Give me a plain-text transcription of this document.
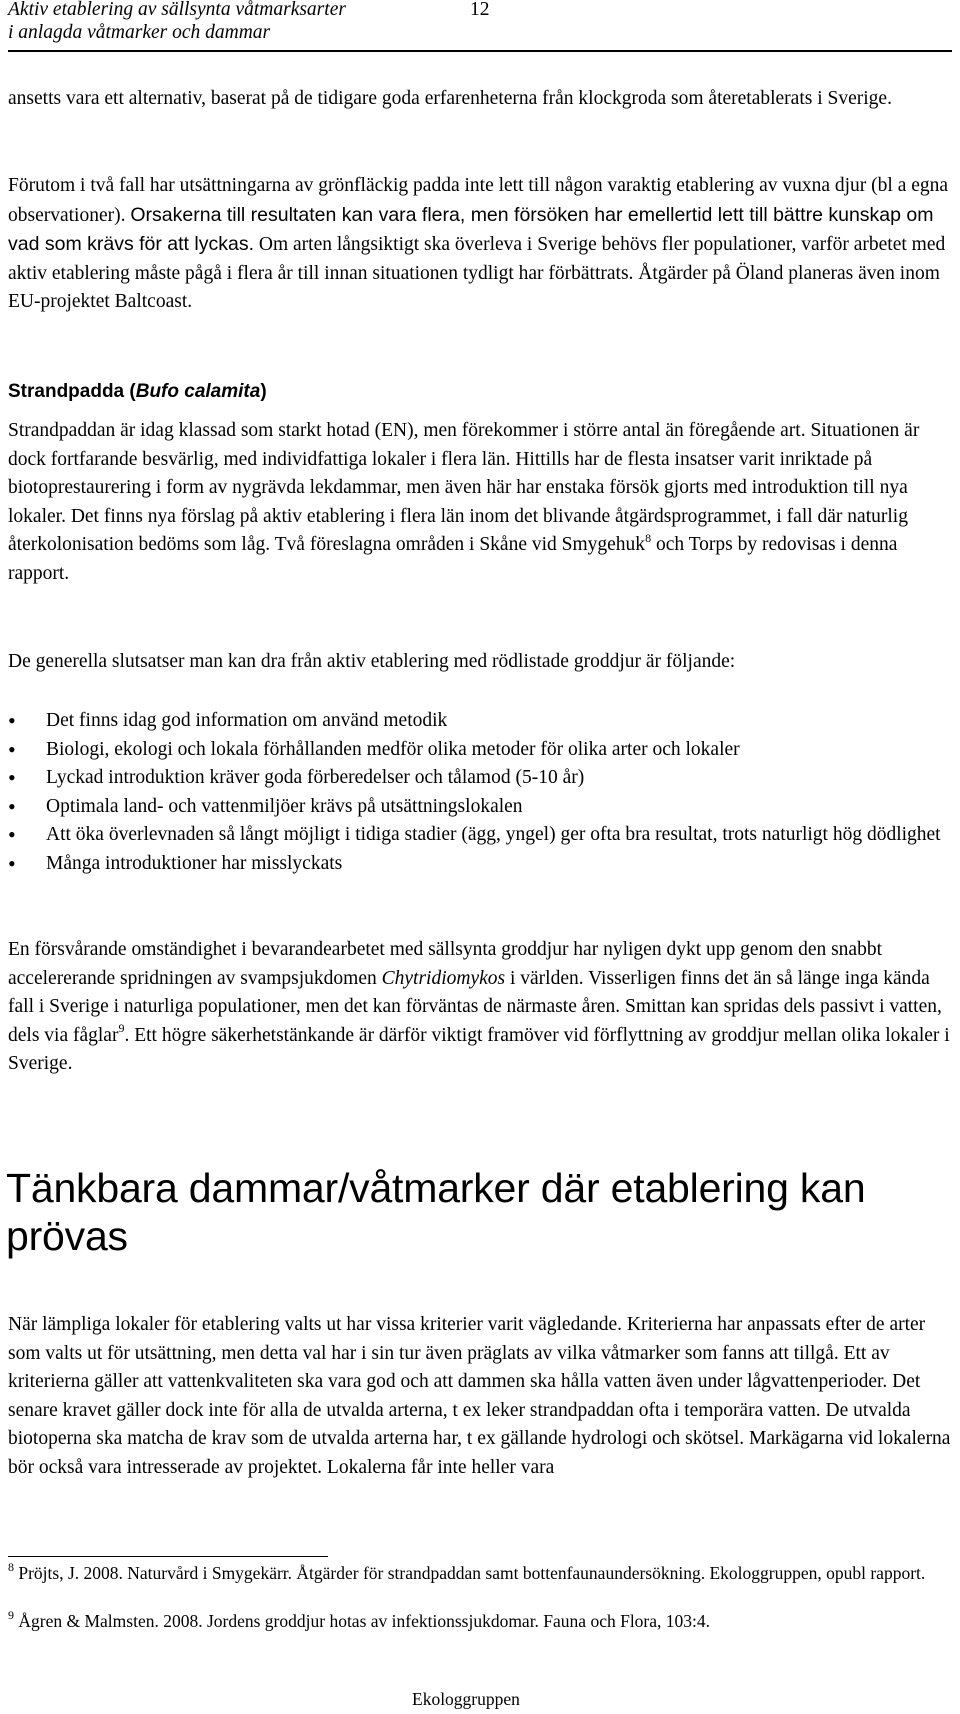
Aktiv etablering av sällsynta våtmarksarter
i anlagda våtmarker och dammar
12

ansetts vara ett alternativ, baserat på de tidigare goda erfarenheterna från klockgroda som återetablerats i Sverige.

Förutom i två fall har utsättningarna av grönfläckig padda inte lett till någon varaktig etablering av vuxna djur (bl a egna observationer). Orsakerna till resultaten kan vara flera, men försöken har emellertid lett till bättre kunskap om vad som krävs för att lyckas. Om arten långsiktigt ska överleva i Sverige behövs fler populationer, varför arbetet med aktiv etablering måste pågå i flera år till innan situationen tydligt har förbättrats. Åtgärder på Öland planeras även inom EU-projektet Baltcoast.

Strandpadda (Bufo calamita)

Strandpaddan är idag klassad som starkt hotad (EN), men förekommer i större antal än föregående art. Situationen är dock fortfarande besvärlig, med individfattiga lokaler i flera län. Hittills har de flesta insatser varit inriktade på biotoprestaurering i form av nygrävda lekdammar, men även här har enstaka försök gjorts med introduktion till nya lokaler. Det finns nya förslag på aktiv etablering i flera län inom det blivande åtgärdsprogrammet, i fall där naturlig återkolonisation bedöms som låg. Två föreslagna områden i Skåne vid Smygehuk$^8$ och Torps by redovisas i denna rapport.

De generella slutsatser man kan dra från aktiv etablering med rödlistade groddjur är följande:

Det finns idag god information om använd metodik
Biologi, ekologi och lokala förhållanden medför olika metoder för olika arter och lokaler
Lyckad introduktion kräver goda förberedelser och tålamod (5-10 år)
Optimala land- och vattenmiljöer krävs på utsättningslokalen
Att öka överlevnaden så långt möjligt i tidiga stadier (ägg, yngel) ger ofta bra resultat, trots naturligt hög dödlighet
Många introduktioner har misslyckats

En försvårande omständighet i bevarandearbetet med sällsynta groddjur har nyligen dykt upp genom den snabbt accelererande spridningen av svampsjukdomen Chytridiomykos i världen. Visserligen finns det än så länge inga kända fall i Sverige i naturliga populationer, men det kan förväntas de närmaste åren. Smittan kan spridas dels passivt i vatten, dels via fåglar$^9$. Ett högre säkerhetstänkande är därför viktigt framöver vid förflyttning av groddjur mellan olika lokaler i Sverige.

Tänkbara dammar/våtmarker där etablering kan prövas

När lämpliga lokaler för etablering valts ut har vissa kriterier varit vägledande. Kriterierna har anpassats efter de arter som valts ut för utsättning, men detta val har i sin tur även präglats av vilka våtmarker som fanns att tillgå. Ett av kriterierna gäller att vattenkvaliteten ska vara god och att dammen ska hålla vatten även under lågvattenperioder. Det senare kravet gäller dock inte för alla de utvalda arterna, t ex leker strandpaddan ofta i temporära vatten. De utvalda biotoperna ska matcha de krav som de utvalda arterna har, t ex gällande hydrologi och skötsel. Markägarna vid lokalerna bör också vara intresserade av projektet. Lokalerna får inte heller vara

$^8$ Pröjts, J. 2008. Naturvård i Smygekärr. Åtgärder för strandpaddan samt bottenfaunaundersökning. Ekologgruppen, opubl rapport.

$^9$ Ågren & Malmsten. 2008. Jordens groddjur hotas av infektionssjukdomar. Fauna och Flora, 103:4.

Ekologgruppen
